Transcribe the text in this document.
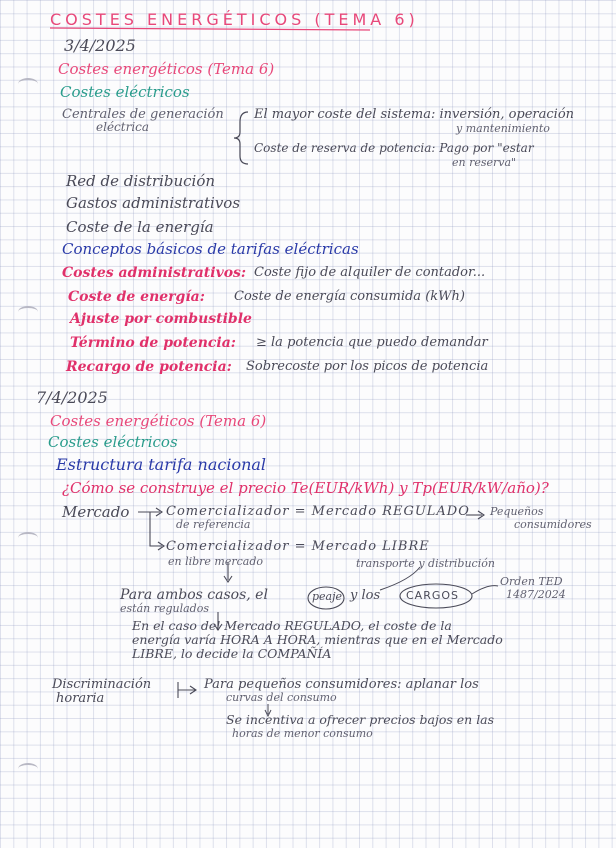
COSTES ENERGÉTICOS (TEMA 6)
3/4/2025
Costes energéticos (Tema 6)
Costes eléctricos
Centrales de generación
eléctrica
El mayor coste del sistema: inversión, operación
y mantenimiento
Coste de reserva de potencia: Pago por "estar
en reserva"
Red de distribución
Gastos administrativos
Coste de la energía
Conceptos básicos de tarifas eléctricas
Costes administrativos: Coste fijo de alquiler de contador...
Coste de energía: Coste de energía consumida (kWh)
Ajuste por combustible
Término de potencia: ≥ la potencia que puedo demandar
Recargo de potencia: Sobrecoste por los picos de potencia
7/4/2025
Costes energéticos (Tema 6)
Costes eléctricos
Estructura tarifa nacional
¿Cómo se construye el precio Te(EUR/kWh) y Tp(EUR/kW/año)?
Mercado	Comercializador = Mercado REGULADO
de referencia
Pequeños
consumidores
Comercializador = Mercado LIBRE
en libre mercado	transporte y distribución
Orden TED
1487/2024
Para ambos casos, el	peaje y los CARGOS
están regulados
En el caso del Mercado REGULADO, el coste de la
energía varía HORA A HORA, mientras que en el Mercado
LIBRE, lo decide la COMPAÑÍA
Discriminación
horaria
Para pequeños consumidores: aplanar los
curvas del consumo
Se incentiva a ofrecer precios bajos en las
horas de menor consumo
